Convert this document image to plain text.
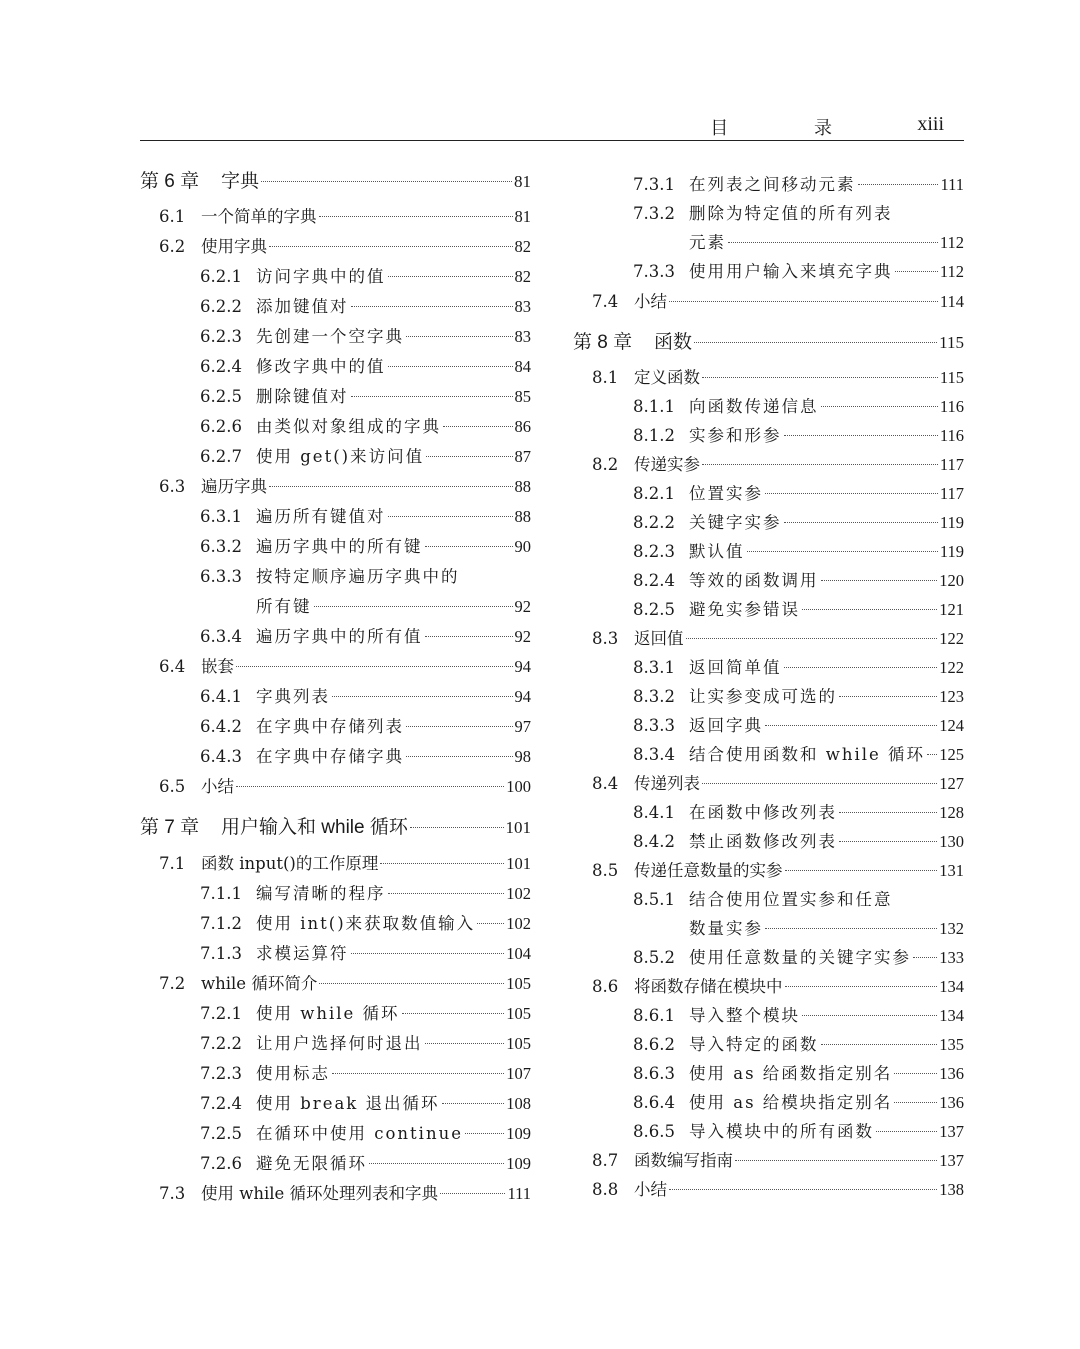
目 录 xiii
第 6 章	字典	81
6.1 一个简单的字典	81
6.2 使用字典	82
6.2.1 访问字典中的值	82
6.2.2 添加键值对	83
6.2.3 先创建一个空字典	83
6.2.4 修改字典中的值	84
6.2.5 删除键值对	85
6.2.6 由类似对象组成的字典	86
6.2.7 使用 get()来访问值	87
6.3 遍历字典	88
6.3.1 遍历所有键值对	88
6.3.2 遍历字典中的所有键	90
6.3.3 按特定顺序遍历字典中的
所有键	92
6.3.4 遍历字典中的所有值	92
6.4 嵌套	94
6.4.1 字典列表	94
6.4.2 在字典中存储列表	97
6.4.3 在字典中存储字典	98
6.5 小结	100
第 7 章	用户输入和 while 循环	101
7.1 函数 input()的工作原理	101
7.1.1 编写清晰的程序	102
7.1.2 使用 int()来获取数值输入 102
7.1.3 求模运算符	104
7.2 while 循环简介	105
7.2.1 使用 while 循环	105
7.2.2 让用户选择何时退出	105
7.2.3 使用标志	107
7.2.4 使用 break 退出循环	108
7.2.5 在循环中使用 continue	109
7.2.6 避免无限循环	109
7.3 使用 while 循环处理列表和字典	111
7.3.1 在列表之间移动元素	111
7.3.2 删除为特定值的所有列表
元素	112
7.3.3 使用用户输入来填充字典	112
7.4 小结	114
第 8 章	函数	115
8.1 定义函数	115
8.1.1 向函数传递信息	116
8.1.2 实参和形参	116
8.2 传递实参	117
8.2.1 位置实参	117
8.2.2 关键字实参	119
8.2.3 默认值	119
8.2.4 等效的函数调用	120
8.2.5 避免实参错误	121
8.3 返回值	122
8.3.1 返回简单值	122
8.3.2 让实参变成可选的	123
8.3.3 返回字典	124
8.3.4 结合使用函数和 while 循环 125
8.4 传递列表	127
8.4.1 在函数中修改列表	128
8.4.2 禁止函数修改列表	130
8.5 传递任意数量的实参	131
8.5.1 结合使用位置实参和任意
数量实参	132
8.5.2 使用任意数量的关键字实参 133
8.6 将函数存储在模块中	134
8.6.1 导入整个模块	134
8.6.2 导入特定的函数	135
8.6.3 使用 as 给函数指定别名	136
8.6.4 使用 as 给模块指定别名	136
8.6.5 导入模块中的所有函数	137
8.7 函数编写指南	137
8.8 小结	138
